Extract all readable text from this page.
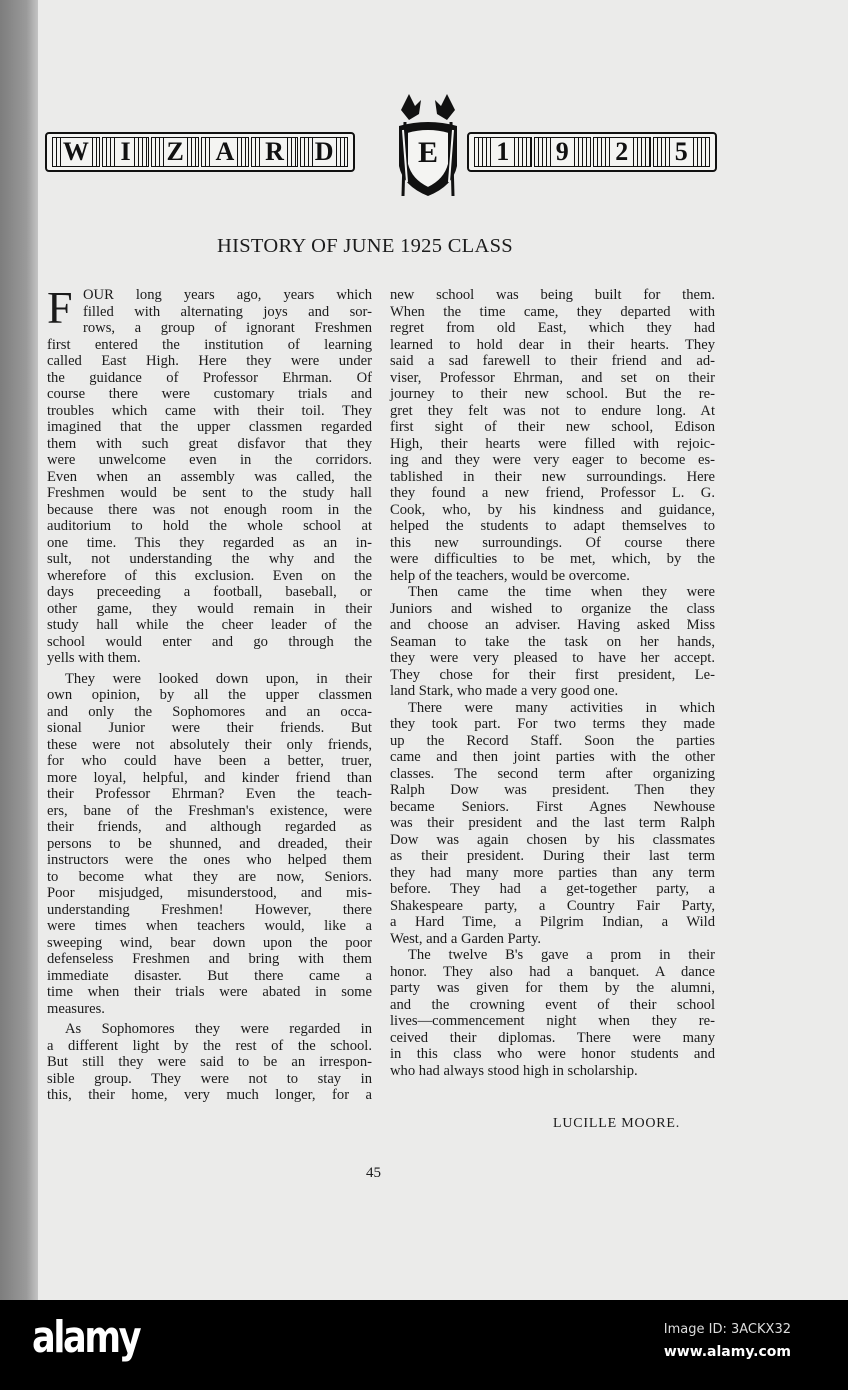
W I Z A R D	1 9 2 5
E
HISTORY OF JUNE 1925 CLASS
F OUR long years ago, years which
filled with alternating joys and sor-
rows, a group of ignorant Freshmen
first entered the institution of learning
called East High. Here they were under
the guidance of Professor Ehrman. Of
course there were customary trials and
troubles which came with their toil. They
imagined that the upper classmen regarded
them with such great disfavor that they
were unwelcome even in the corridors.
Even when an assembly was called, the
Freshmen would be sent to the study hall
because there was not enough room in the
auditorium to hold the whole school at
one time. This they regarded as an in-
sult, not understanding the why and the
wherefore of this exclusion. Even on the
days preceeding a football, baseball, or
other game, they would remain in their
study hall while the cheer leader of the
school would enter and go through the
yells with them.
They were looked down upon, in their
own opinion, by all the upper classmen
and only the Sophomores and an occa-
sional Junior were their friends. But
these were not absolutely their only friends,
for who could have been a better, truer,
more loyal, helpful, and kinder friend than
their Professor Ehrman? Even the teach-
ers, bane of the Freshman's existence, were
their friends, and although regarded as
persons to be shunned, and dreaded, their
instructors were the ones who helped them
to become what they are now, Seniors.
Poor misjudged, misunderstood, and mis-
understanding Freshmen! However, there
were times when teachers would, like a
sweeping wind, bear down upon the poor
defenseless Freshmen and bring with them
immediate disaster. But there came a
time when their trials were abated in some
measures.
As Sophomores they were regarded in
a different light by the rest of the school.
But still they were said to be an irrespon-
sible group. They were not to stay in
this, their home, very much longer, for a
new school was being built for them.
When the time came, they departed with
regret from old East, which they had
learned to hold dear in their hearts. They
said a sad farewell to their friend and ad-
viser, Professor Ehrman, and set on their
journey to their new school. But the re-
gret they felt was not to endure long. At
first sight of their new school, Edison
High, their hearts were filled with rejoic-
ing and they were very eager to become es-
tablished in their new surroundings. Here
they found a new friend, Professor L. G.
Cook, who, by his kindness and guidance,
helped the students to adapt themselves to
this new surroundings. Of course there
were difficulties to be met, which, by the
help of the teachers, would be overcome.
Then came the time when they were
Juniors and wished to organize the class
and choose an adviser. Having asked Miss
Seaman to take the task on her hands,
they were very pleased to have her accept.
They chose for their first president, Le-
land Stark, who made a very good one.
There were many activities in which
they took part. For two terms they made
up the Record Staff. Soon the parties
came and then joint parties with the other
classes. The second term after organizing
Ralph Dow was president. Then they
became Seniors. First Agnes Newhouse
was their president and the last term Ralph
Dow was again chosen by his classmates
as their president. During their last term
they had many more parties than any term
before. They had a get-together party, a
Shakespeare party, a Country Fair Party,
a Hard Time, a Pilgrim Indian, a Wild
West, and a Garden Party.
The twelve B's gave a prom in their
honor. They also had a banquet. A dance
party was given for them by the alumni,
and the crowning event of their school
lives—commencement night when they re-
ceived their diplomas. There were many
in this class who were honor students and
who had always stood high in scholarship.
LUCILLE MOORE.
45
alamy	Image ID: 3ACKX32
www.alamy.com
